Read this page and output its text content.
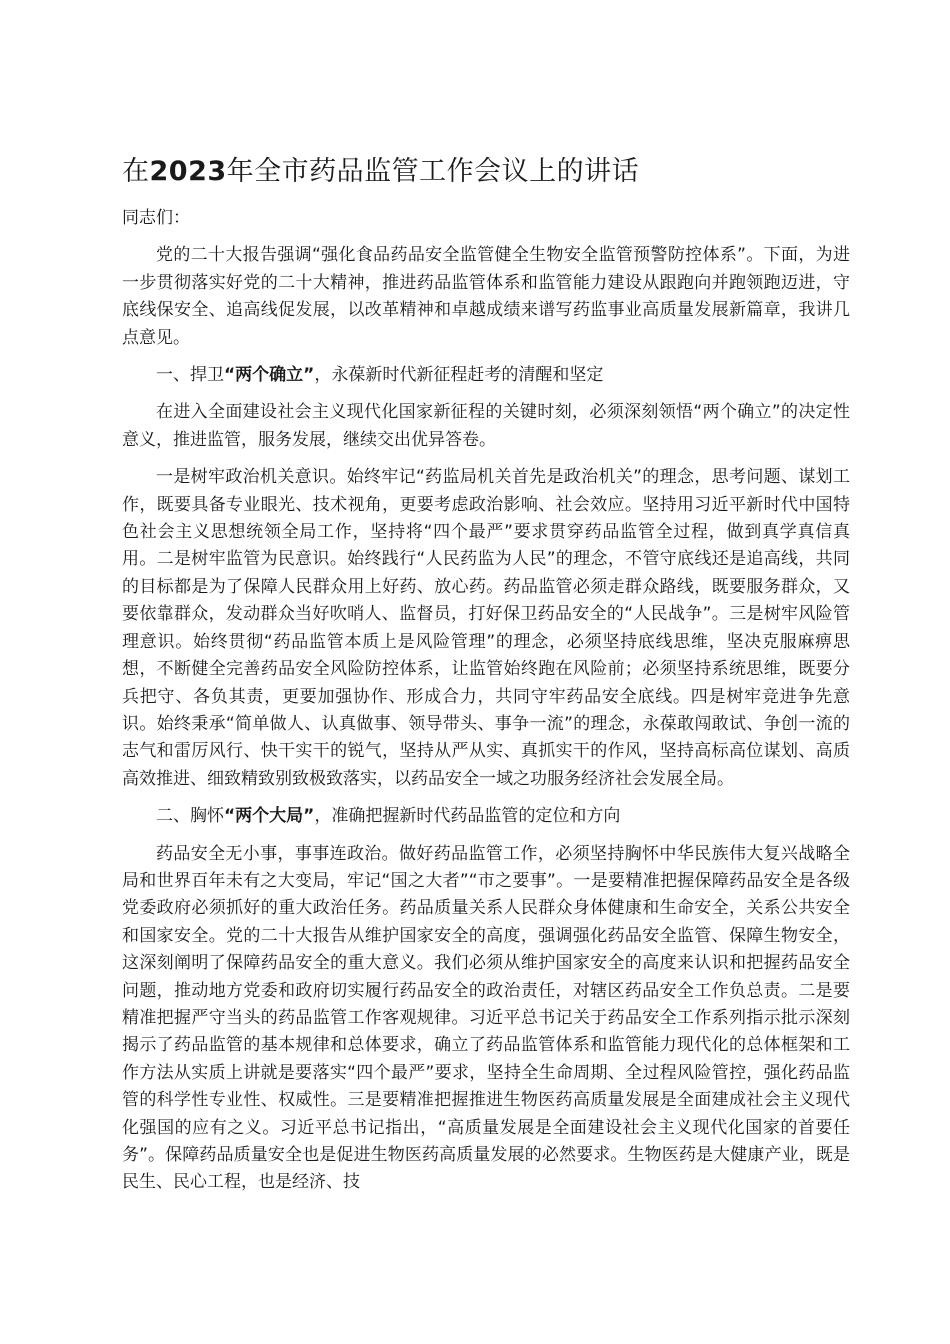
在2023年全市药品监管工作会议上的讲话

同志们：

党的二十大报告强调“强化食品药品安全监管健全生物安全监管预警防控体系”。下面，为进一步贯彻落实好党的二十大精神，推进药品监管体系和监管能力建设从跟跑向并跑领跑迈进，守底线保安全、追高线促发展，以改革精神和卓越成绩来谱写药监事业高质量发展新篇章，我讲几点意见。

一、捍卫“两个确立”，永葆新时代新征程赶考的清醒和坚定

在进入全面建设社会主义现代化国家新征程的关键时刻，必须深刻领悟“两个确立”的决定性意义，推进监管，服务发展，继续交出优异答卷。

一是树牢政治机关意识。始终牢记“药监局机关首先是政治机关”的理念，思考问题、谋划工作，既要具备专业眼光、技术视角，更要考虑政治影响、社会效应。坚持用习近平新时代中国特色社会主义思想统领全局工作，坚持将“四个最严”要求贯穿药品监管全过程，做到真学真信真用。二是树牢监管为民意识。始终践行“人民药监为人民”的理念，不管守底线还是追高线，共同的目标都是为了保障人民群众用上好药、放心药。药品监管必须走群众路线，既要服务群众，又要依靠群众，发动群众当好吹哨人、监督员，打好保卫药品安全的“人民战争”。三是树牢风险管理意识。始终贯彻“药品监管本质上是风险管理”的理念，必须坚持底线思维，坚决克服麻痹思想，不断健全完善药品安全风险防控体系，让监管始终跑在风险前；必须坚持系统思维，既要分兵把守、各负其责，更要加强协作、形成合力，共同守牢药品安全底线。四是树牢竞进争先意识。始终秉承“简单做人、认真做事、领导带头、事争一流”的理念，永葆敢闯敢试、争创一流的志气和雷厉风行、快干实干的锐气，坚持从严从实、真抓实干的作风，坚持高标高位谋划、高质高效推进、细致精致别致极致落实，以药品安全一域之功服务经济社会发展全局。

二、胸怀“两个大局”，准确把握新时代药品监管的定位和方向

药品安全无小事，事事连政治。做好药品监管工作，必须坚持胸怀中华民族伟大复兴战略全局和世界百年未有之大变局，牢记“国之大者”“市之要事”。一是要精准把握保障药品安全是各级党委政府必须抓好的重大政治任务。药品质量关系人民群众身体健康和生命安全，关系公共安全和国家安全。党的二十大报告从维护国家安全的高度，强调强化药品安全监管、保障生物安全，这深刻阐明了保障药品安全的重大意义。我们必须从维护国家安全的高度来认识和把握药品安全问题，推动地方党委和政府切实履行药品安全的政治责任，对辖区药品安全工作负总责。二是要精准把握严守当头的药品监管工作客观规律。习近平总书记关于药品安全工作系列指示批示深刻揭示了药品监管的基本规律和总体要求，确立了药品监管体系和监管能力现代化的总体框架和工作方法从实质上讲就是要落实“四个最严”要求，坚持全生命周期、全过程风险管控，强化药品监管的科学性专业性、权威性。三是要精准把握推进生物医药高质量发展是全面建成社会主义现代化强国的应有之义。习近平总书记指出，“高质量发展是全面建设社会主义现代化国家的首要任务”。保障药品质量安全也是促进生物医药高质量发展的必然要求。生物医药是大健康产业，既是民生、民心工程，也是经济、技
